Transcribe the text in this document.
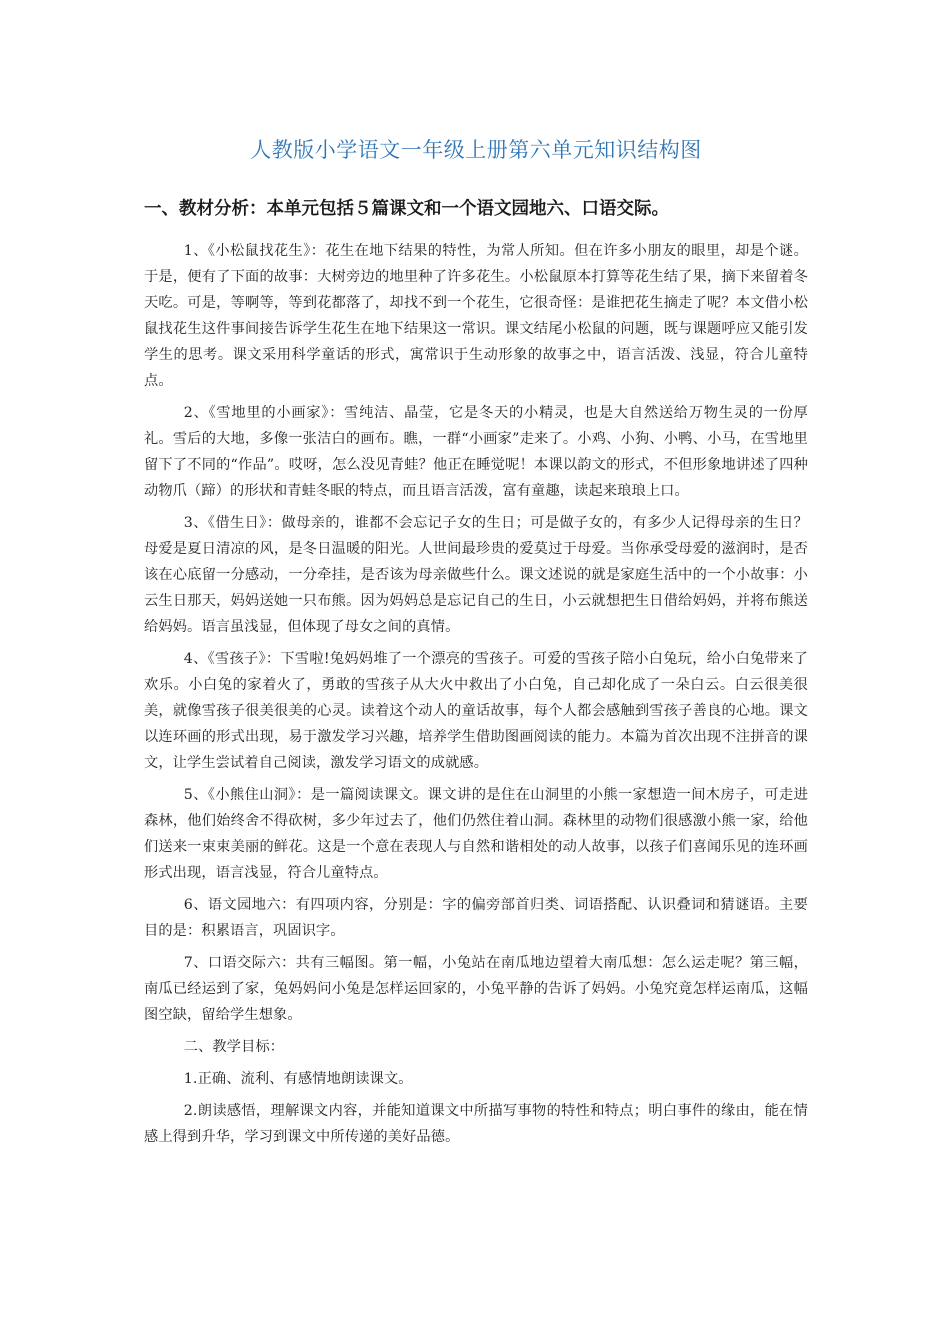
人教版小学语文一年级上册第六单元知识结构图
一、教材分析：本单元包括５篇课文和一个语文园地六、口语交际。

1、《小松鼠找花生》：花生在地下结果的特性，为常人所知。但在许多小朋友的眼里，却是个谜。于是，便有了下面的故事：大树旁边的地里种了许多花生。小松鼠原本打算等花生结了果，摘下来留着冬天吃。可是，等啊等，等到花都落了，却找不到一个花生，它很奇怪：是谁把花生摘走了呢？本文借小松鼠找花生这件事间接告诉学生花生在地下结果这一常识。课文结尾小松鼠的问题，既与课题呼应又能引发学生的思考。课文采用科学童话的形式，寓常识于生动形象的故事之中，语言活泼、浅显，符合儿童特点。

2、《雪地里的小画家》：雪纯洁、晶莹，它是冬天的小精灵，也是大自然送给万物生灵的一份厚礼。雪后的大地，多像一张洁白的画布。瞧，一群“小画家”走来了。小鸡、小狗、小鸭、小马，在雪地里留下了不同的“作品”。哎呀，怎么没见青蛙？他正在睡觉呢！本课以韵文的形式，不但形象地讲述了四种动物爪（蹄）的形状和青蛙冬眠的特点，而且语言活泼，富有童趣，读起来琅琅上口。

3、《借生日》：做母亲的，谁都不会忘记子女的生日；可是做子女的，有多少人记得母亲的生日？母爱是夏日清凉的风，是冬日温暖的阳光。人世间最珍贵的爱莫过于母爱。当你承受母爱的滋润时，是否该在心底留一分感动，一分牵挂，是否该为母亲做些什么。课文述说的就是家庭生活中的一个小故事：小云生日那天，妈妈送她一只布熊。因为妈妈总是忘记自己的生日，小云就想把生日借给妈妈，并将布熊送给妈妈。语言虽浅显，但体现了母女之间的真情。

4、《雪孩子》：下雪啦!兔妈妈堆了一个漂亮的雪孩子。可爱的雪孩子陪小白兔玩，给小白兔带来了欢乐。小白兔的家着火了，勇敢的雪孩子从大火中救出了小白兔，自己却化成了一朵白云。白云很美很美，就像雪孩子很美很美的心灵。读着这个动人的童话故事，每个人都会感触到雪孩子善良的心地。课文以连环画的形式出现，易于激发学习兴趣，培养学生借助图画阅读的能力。本篇为首次出现不注拼音的课文，让学生尝试着自己阅读，激发学习语文的成就感。

5、《小熊住山洞》：是一篇阅读课文。课文讲的是住在山洞里的小熊一家想造一间木房子，可走进森林，他们始终舍不得砍树，多少年过去了，他们仍然住着山洞。森林里的动物们很感激小熊一家，给他们送来一束束美丽的鲜花。这是一个意在表现人与自然和谐相处的动人故事，以孩子们喜闻乐见的连环画形式出现，语言浅显，符合儿童特点。

6、语文园地六：有四项内容，分别是：字的偏旁部首归类、词语搭配、认识叠词和猜谜语。主要目的是：积累语言，巩固识字。

7、口语交际六：共有三幅图。第一幅，小兔站在南瓜地边望着大南瓜想：怎么运走呢？第三幅，南瓜已经运到了家，兔妈妈问小兔是怎样运回家的，小兔平静的告诉了妈妈。小兔究竟怎样运南瓜，这幅图空缺，留给学生想象。

二、教学目标：

1.正确、流利、有感情地朗读课文。

2.朗读感悟，理解课文内容，并能知道课文中所描写事物的特性和特点；明白事件的缘由，能在情感上得到升华，学习到课文中所传递的美好品德。
